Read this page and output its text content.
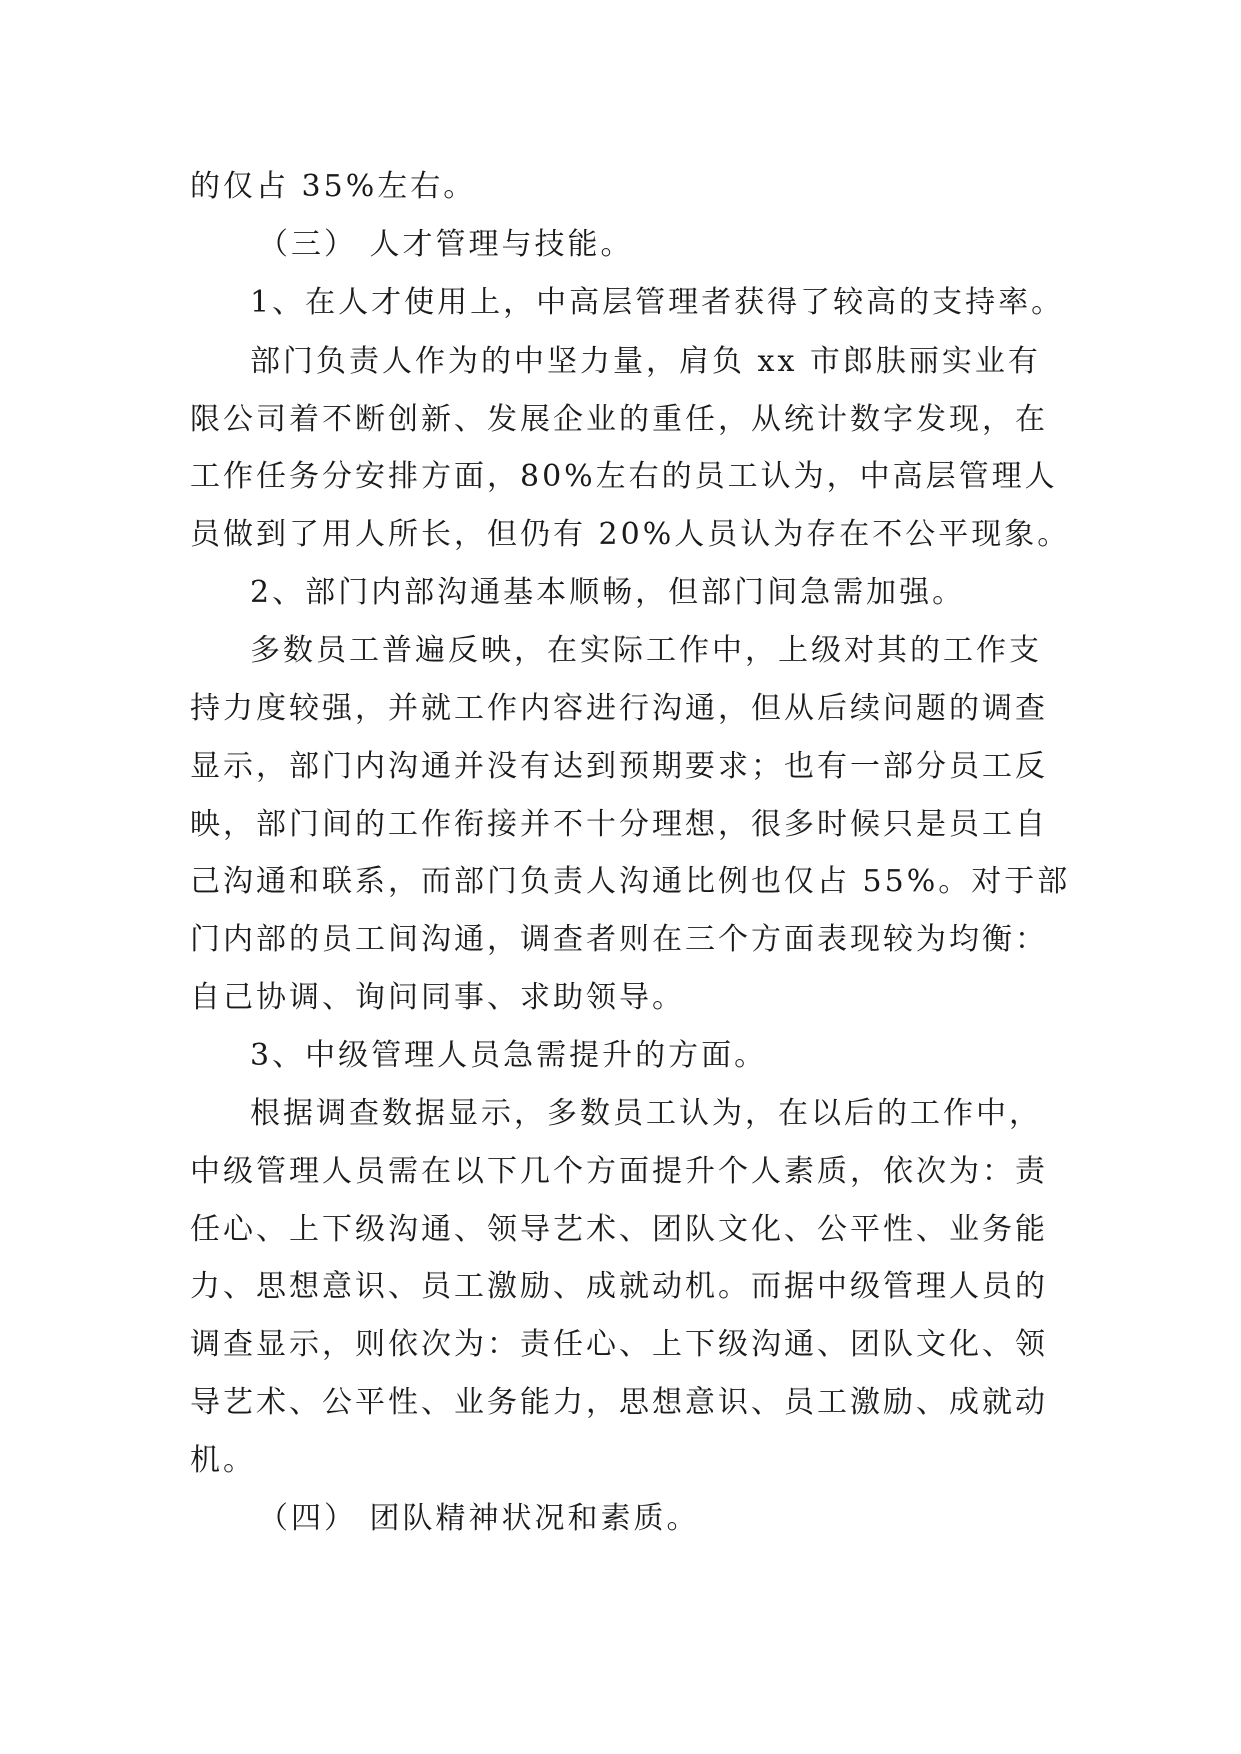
的仅占 35%左右。
（三） 人才管理与技能。
1、在人才使用上，中高层管理者获得了较高的支持率。
部门负责人作为的中坚力量，肩负 xx 市郎肤丽实业有
限公司着不断创新、发展企业的重任，从统计数字发现，在
工作任务分安排方面，80%左右的员工认为，中高层管理人
员做到了用人所长，但仍有 20%人员认为存在不公平现象。
2、部门内部沟通基本顺畅，但部门间急需加强。
多数员工普遍反映，在实际工作中，上级对其的工作支
持力度较强，并就工作内容进行沟通，但从后续问题的调查
显示，部门内沟通并没有达到预期要求；也有一部分员工反
映，部门间的工作衔接并不十分理想，很多时候只是员工自
己沟通和联系，而部门负责人沟通比例也仅占 55%。对于部
门内部的员工间沟通，调查者则在三个方面表现较为均衡：
自己协调、询问同事、求助领导。
3、中级管理人员急需提升的方面。
根据调查数据显示，多数员工认为，在以后的工作中，
中级管理人员需在以下几个方面提升个人素质，依次为：责
任心、上下级沟通、领导艺术、团队文化、公平性、业务能
力、思想意识、员工激励、成就动机。而据中级管理人员的
调查显示，则依次为：责任心、上下级沟通、团队文化、领
导艺术、公平性、业务能力，思想意识、员工激励、成就动
机。
（四） 团队精神状况和素质。
